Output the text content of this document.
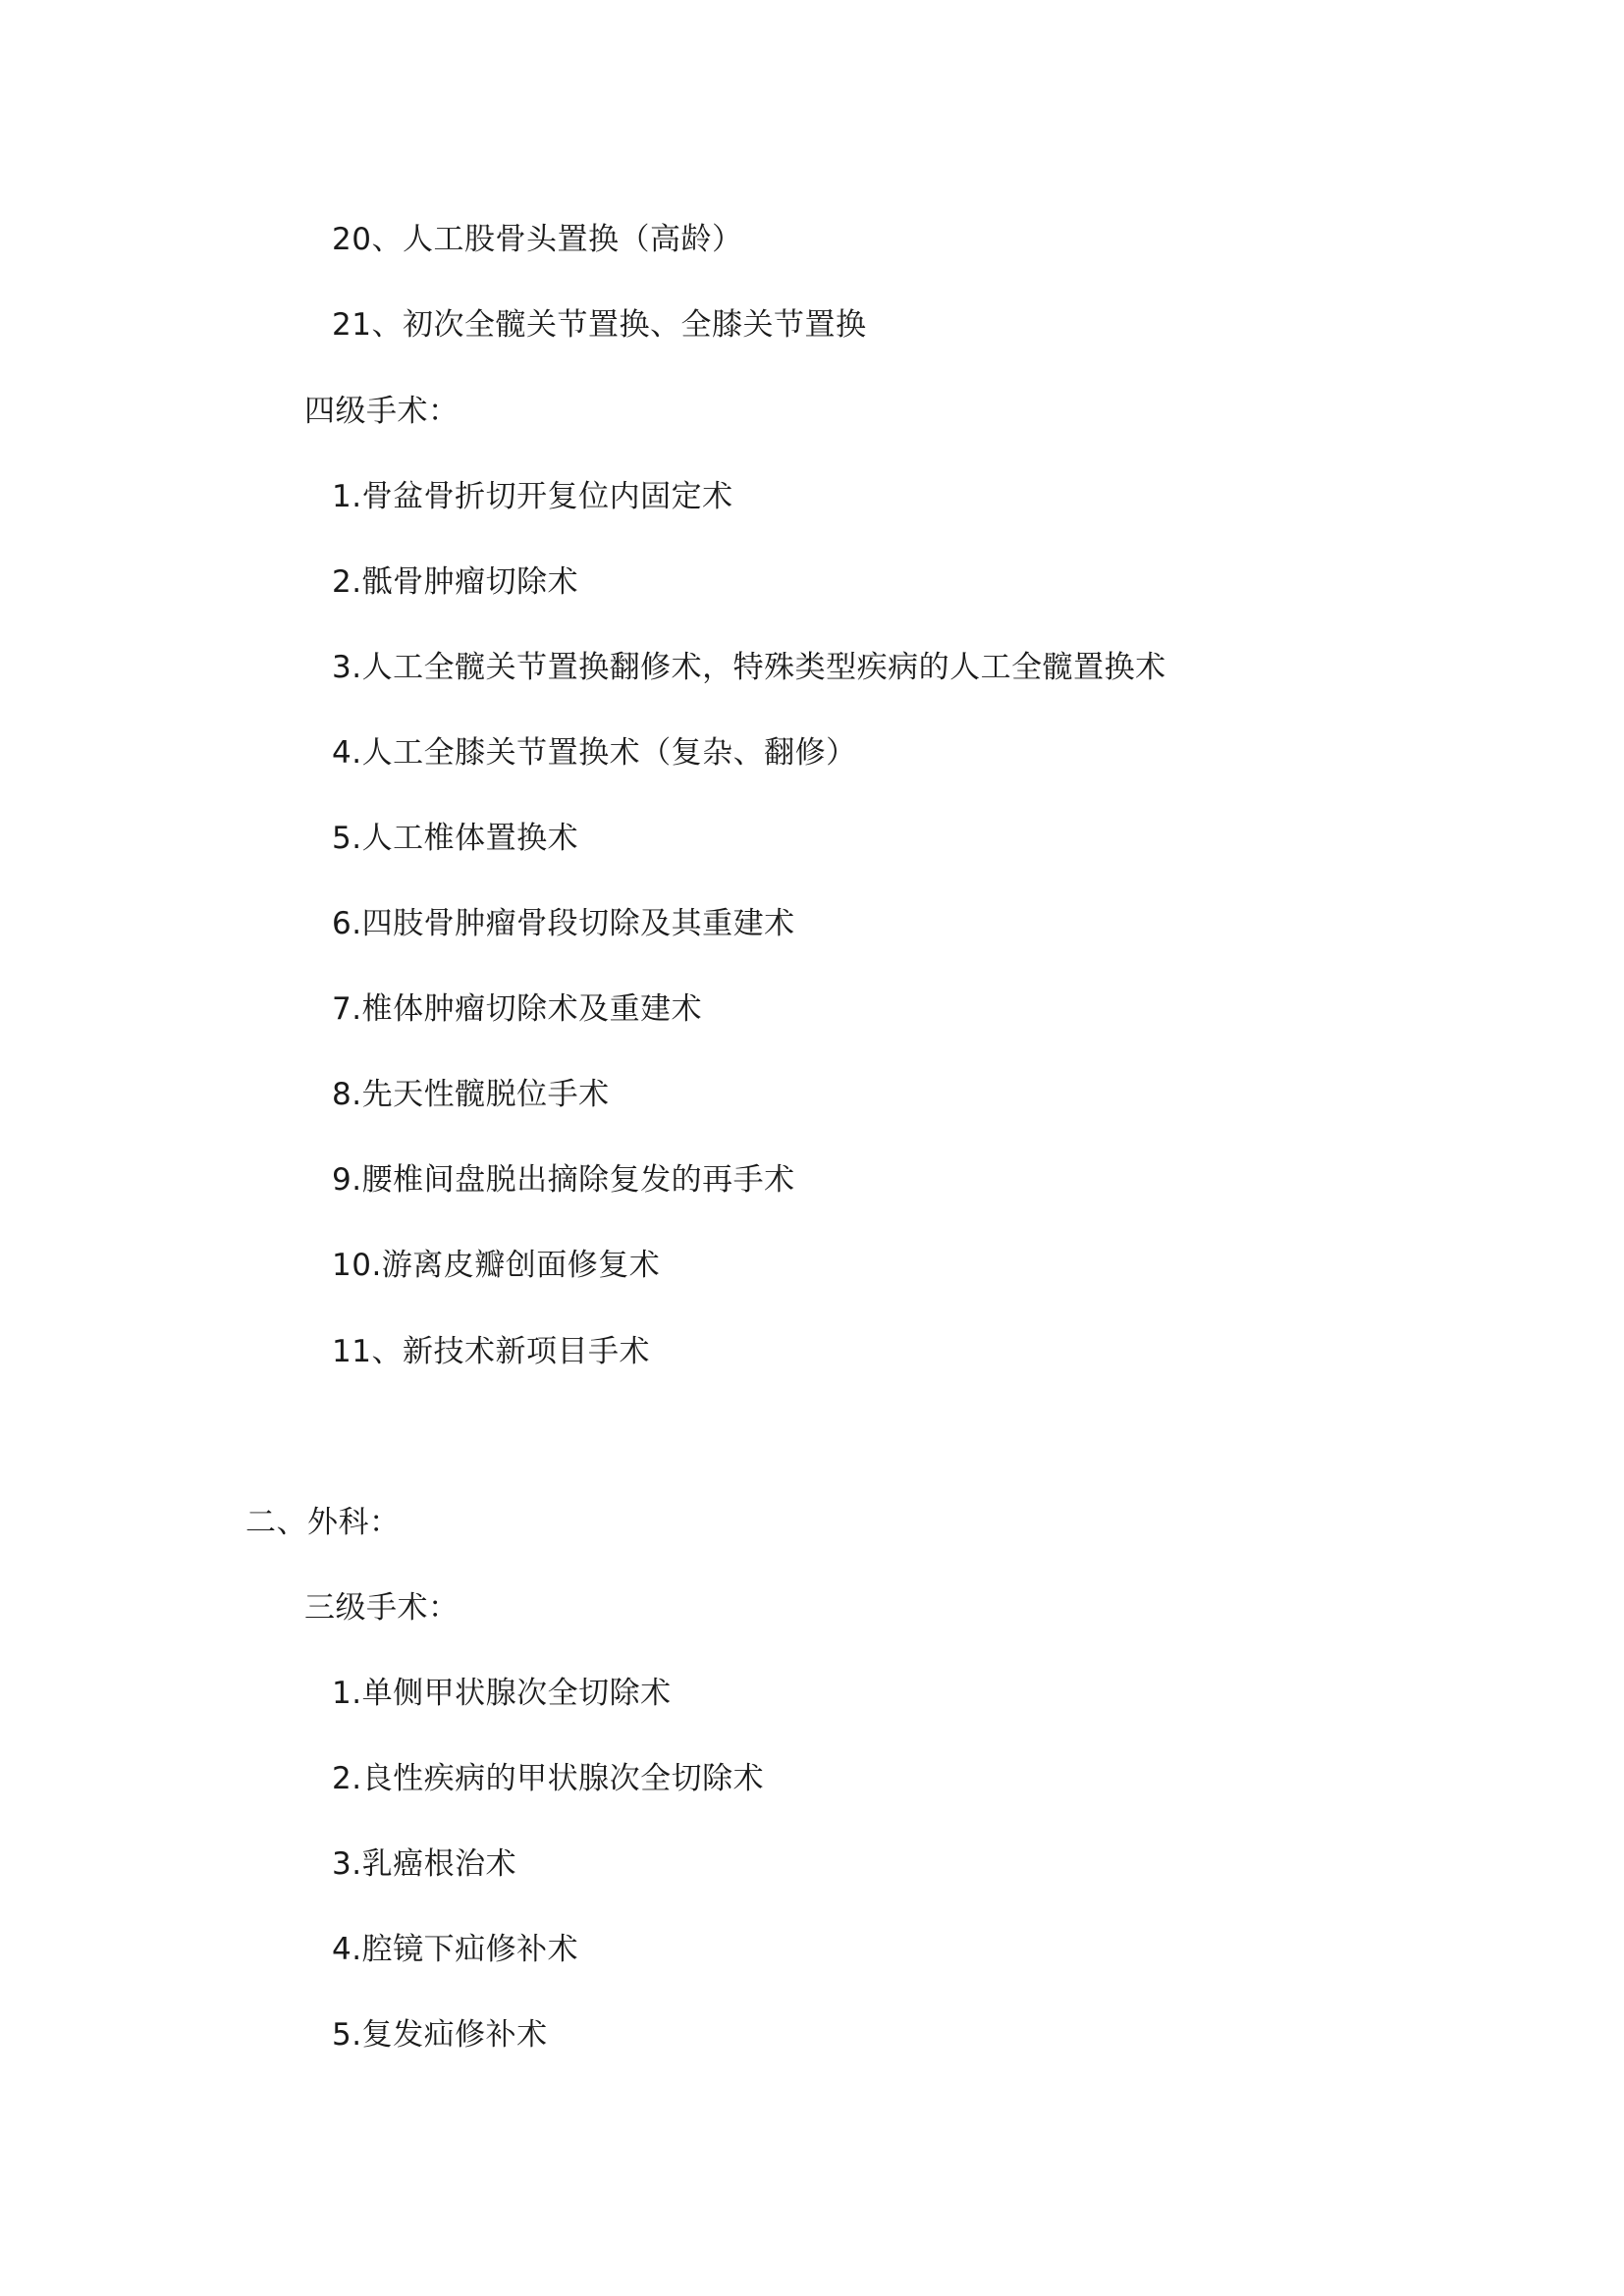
20、人工股骨头置换（高龄）
21、初次全髋关节置换、全膝关节置换
四级手术：
1.骨盆骨折切开复位内固定术
2.骶骨肿瘤切除术
3.人工全髋关节置换翻修术，特殊类型疾病的人工全髋置换术
4.人工全膝关节置换术（复杂、翻修）
5.人工椎体置换术
6.四肢骨肿瘤骨段切除及其重建术
7.椎体肿瘤切除术及重建术
8.先天性髋脱位手术
9.腰椎间盘脱出摘除复发的再手术
10.游离皮瓣创面修复术
11、新技术新项目手术
二、外科：
三级手术：
1.单侧甲状腺次全切除术
2.良性疾病的甲状腺次全切除术
3.乳癌根治术
4.腔镜下疝修补术
5.复发疝修补术
